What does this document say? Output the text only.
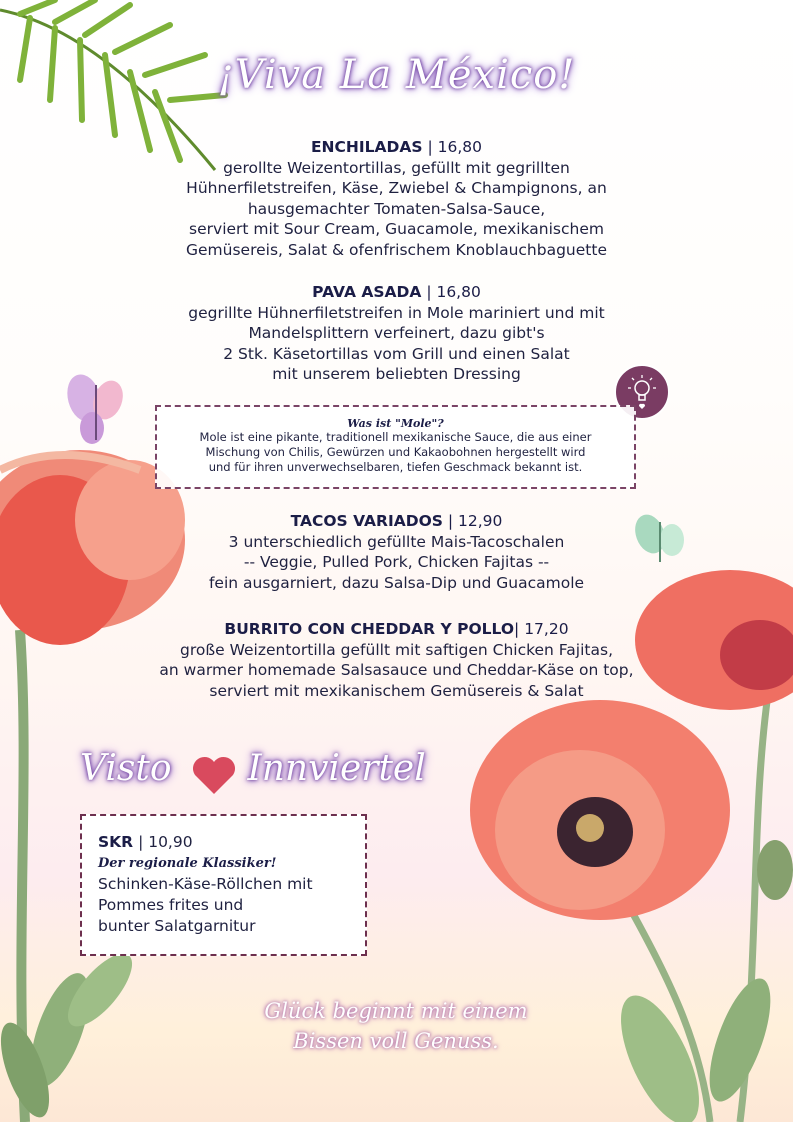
¡Viva La México!
ENCHILADAS | 16,80
gerollte Weizentortillas, gefüllt mit gegrillten
Hühnerfiletstreifen, Käse, Zwiebel & Champignons, an
hausgemachter Tomaten-Salsa-Sauce,
serviert mit Sour Cream, Guacamole, mexikanischem
Gemüsereis, Salat & ofenfrischem Knoblauchbaguette
PAVA ASADA | 16,80
gegrillte Hühnerfiletstreifen in Mole mariniert und mit
Mandelsplittern verfeinert, dazu gibt's
2 Stk. Käsetortillas vom Grill und einen Salat
mit unserem beliebten Dressing
Was ist "Mole"?
Mole ist eine pikante, traditionell mexikanische Sauce, die aus einer
Mischung von Chilis, Gewürzen und Kakaobohnen hergestellt wird
und für ihren unverwechselbaren, tiefen Geschmack bekannt ist.
TACOS VARIADOS | 12,90
3 unterschiedlich gefüllte Mais-Tacoschalen
-- Veggie, Pulled Pork, Chicken Fajitas --
fein ausgarniert, dazu Salsa-Dip und Guacamole
BURRITO CON CHEDDAR Y POLLO| 17,20
große Weizentortilla gefüllt mit saftigen Chicken Fajitas,
an warmer homemade Salsasauce und Cheddar-Käse on top,
serviert mit mexikanischem Gemüsereis & Salat
Visto Innviertel
SKR | 10,90
Der regionale Klassiker!
Schinken-Käse-Röllchen mit
Pommes frites und
bunter Salatgarnitur
Glück beginnt mit einem
Bissen voll Genuss.
